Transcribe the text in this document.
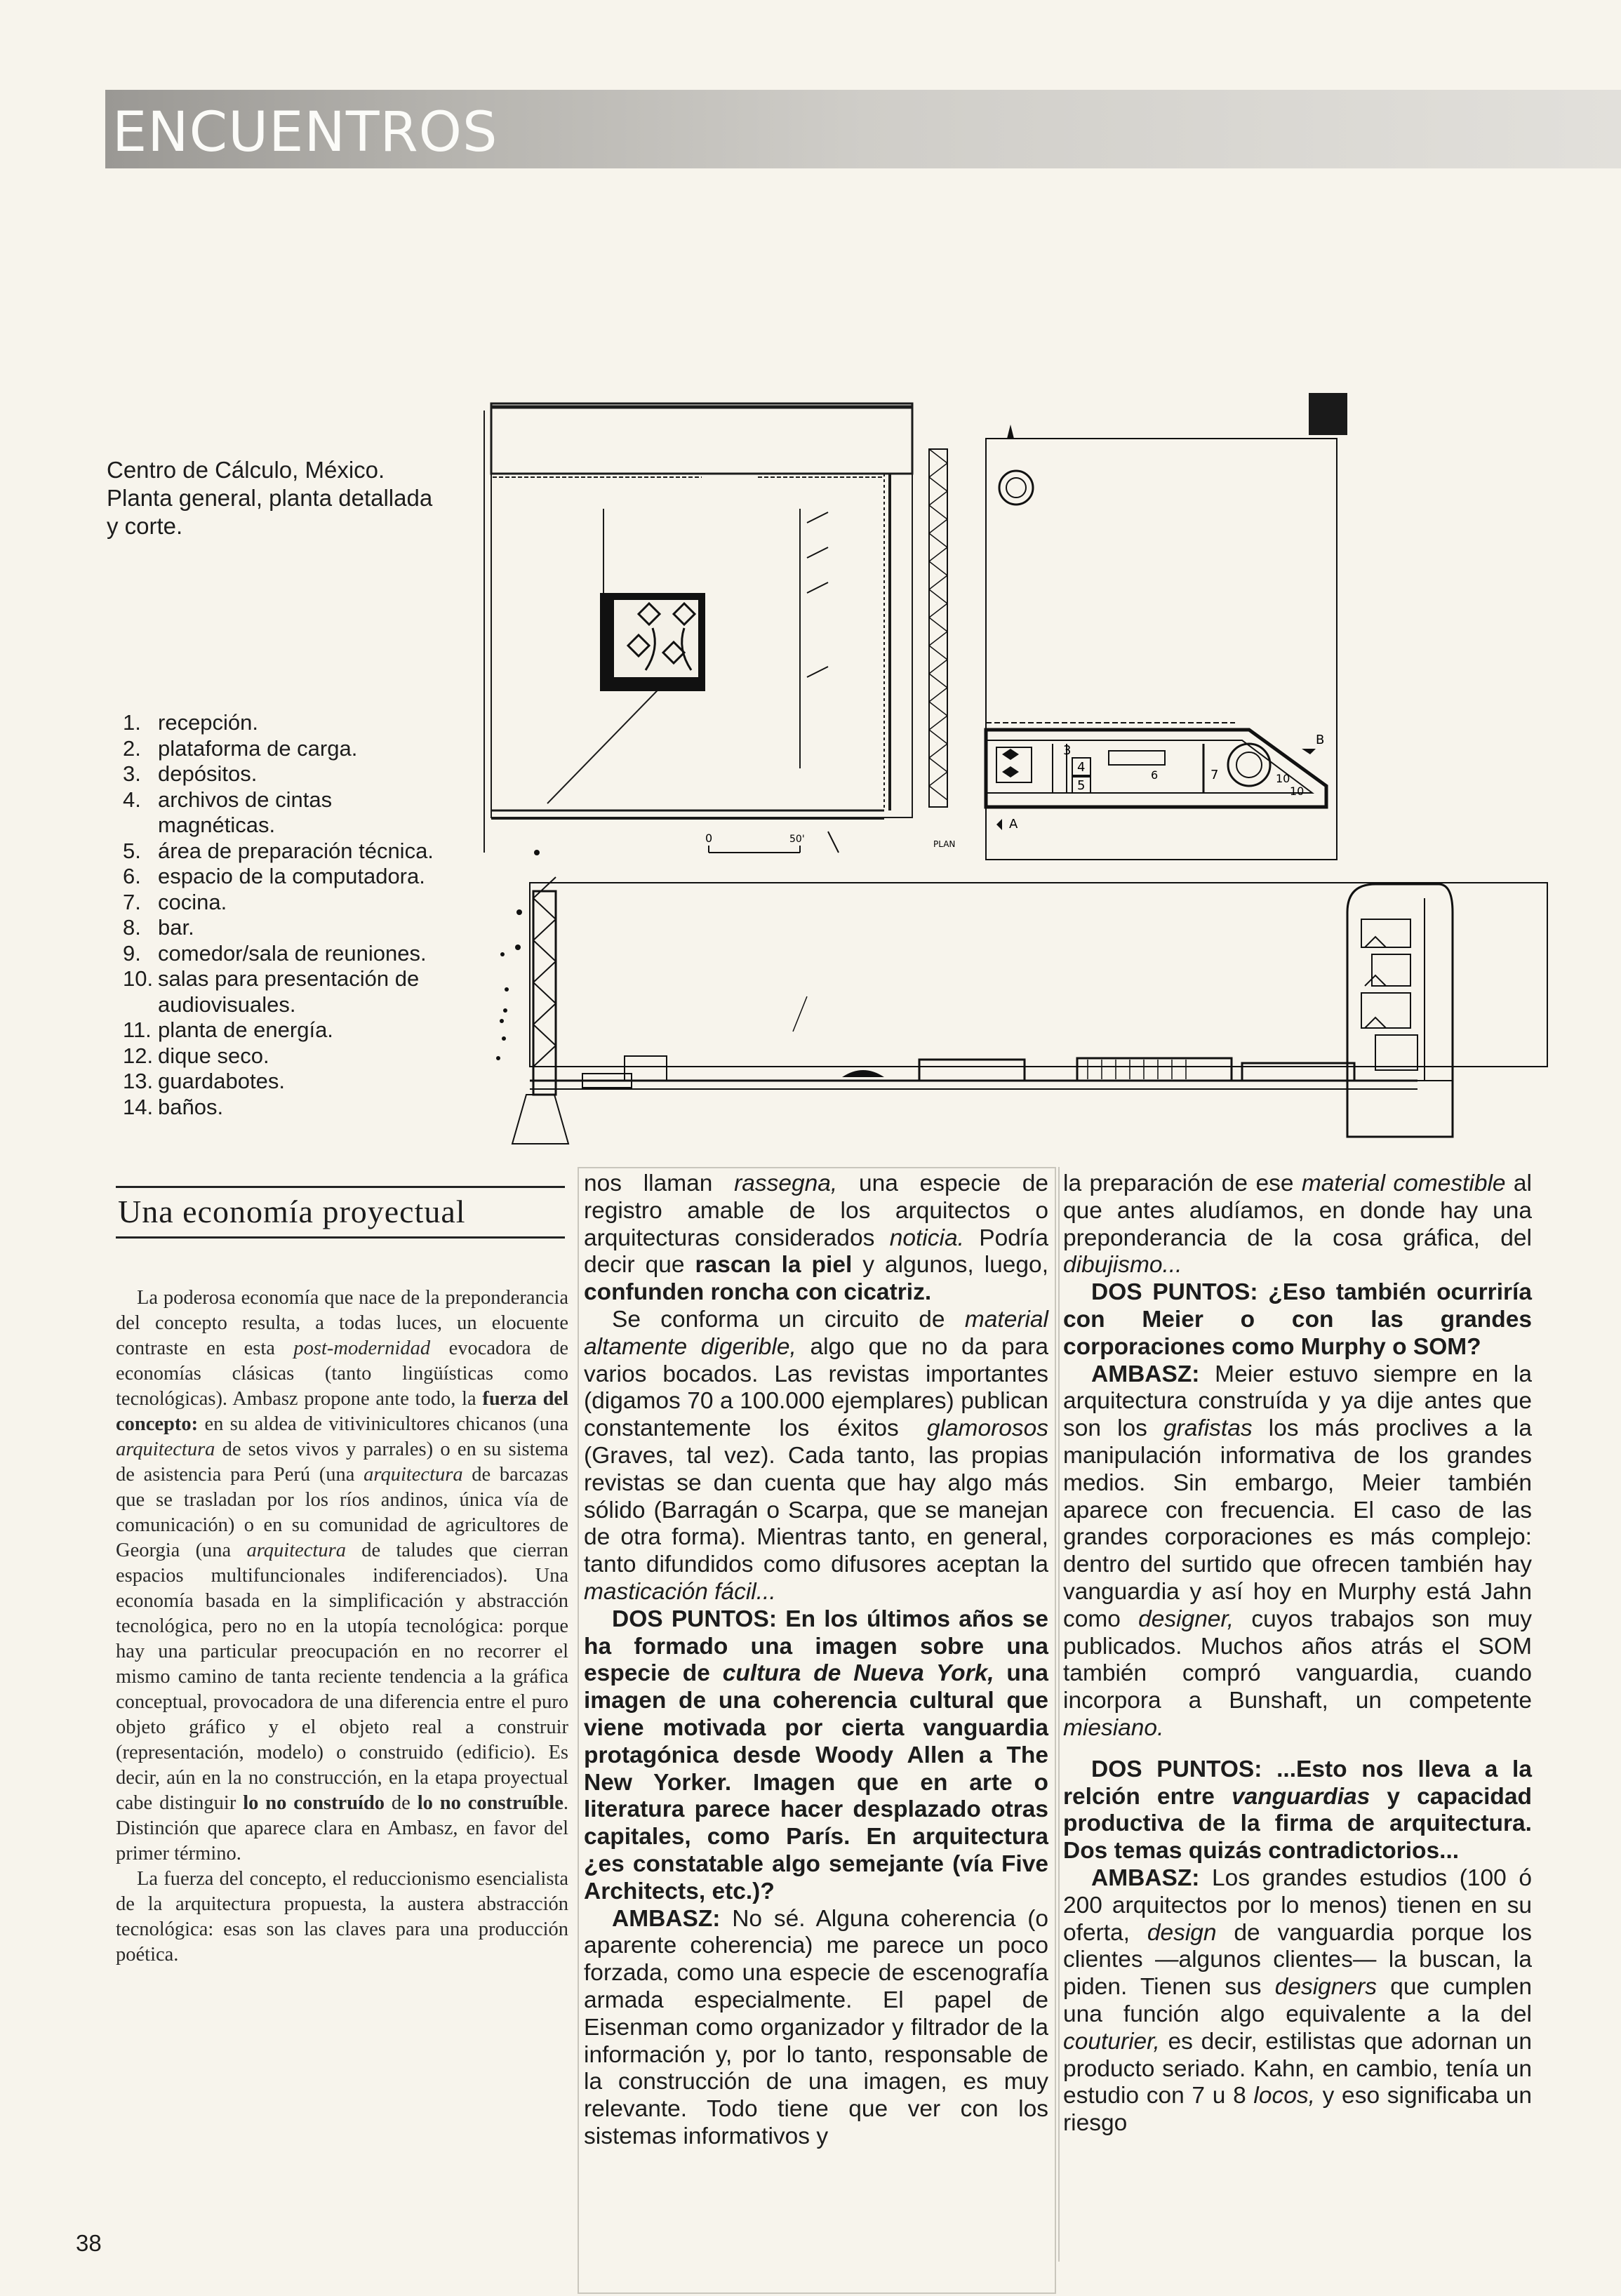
ENCUENTROS
Centro de Cálculo, México.
Planta general, planta detallada
y corte.
1. recepción.
2. plataforma de carga.
3. depósitos.
4. archivos de cintas magnéticas.
5. área de preparación técnica.
6. espacio de la computadora.
7. cocina.
8. bar.
9. comedor/sala de reuniones.
10. salas para presentación de audiovisuales.
11. planta de energía.
12. dique seco.
13. guardabotes.
14. baños.
0	50'
3
4
5
6	7	10
10
B
A
PLAN
Una economía proyectual

La poderosa economía que nace de la preponderancia del concepto resulta, a todas luces, un elocuente contraste en esta post-modernidad evocadora de economías clásicas (tanto lingüísticas como tecnológicas). Ambasz propone ante todo, la fuerza del concepto: en su aldea de vitivinicultores chicanos (una arquitectura de setos vivos y parrales) o en su sistema de asistencia para Perú (una arquitectura de barcazas que se trasladan por los ríos andinos, única vía de comunicación) o en su comunidad de agricultores de Georgia (una arquitectura de taludes que cierran espacios multifuncionales indiferenciados). Una economía basada en la simplificación y abstracción tecnológica, pero no en la utopía tecnológica: porque hay una particular preocupación en no recorrer el mismo camino de tanta reciente tendencia a la gráfica conceptual, provocadora de una diferencia entre el puro objeto gráfico y el objeto real a construir (representación, modelo) o construido (edificio). Es decir, aún en la no construcción, en la etapa proyectual cabe distinguir lo no construído de lo no construíble. Distinción que aparece clara en Ambasz, en favor del primer término.

La fuerza del concepto, el reduccionismo esencialista de la arquitectura propuesta, la austera abstracción tecnológica: esas son las claves para una producción poética.

nos llaman rassegna, una especie de registro amable de los arquitectos o arquitecturas considerados noticia. Podría decir que rascan la piel y algunos, luego, confunden roncha con cicatriz.

Se conforma un circuito de material altamente digerible, algo que no da para varios bocados. Las revistas importantes (digamos 70 a 100.000 ejemplares) publican constantemente los éxitos glamorosos (Graves, tal vez). Cada tanto, las propias revistas se dan cuenta que hay algo más sólido (Barragán o Scarpa, que se manejan de otra forma). Mientras tanto, en general, tanto difundidos como difusores aceptan la masticación fácil...

DOS PUNTOS: En los últimos años se ha formado una imagen sobre una especie de cultura de Nueva York, una imagen de una coherencia cultural que viene motivada por cierta vanguardia protagónica desde Woody Allen a The New Yorker. Imagen que en arte o literatura parece hacer desplazado otras capitales, como París. En arquitectura ¿es constatable algo semejante (vía Five Architects, etc.)?

AMBASZ: No sé. Alguna coherencia (o aparente coherencia) me parece un poco forzada, como una especie de escenografía armada especialmente. El papel de Eisenman como organizador y filtrador de la información y, por lo tanto, responsable de la construcción de una imagen, es muy relevante. Todo tiene que ver con los sistemas informativos y

la preparación de ese material comestible al que antes aludíamos, en donde hay una preponderancia de la cosa gráfica, del dibujismo...

DOS PUNTOS: ¿Eso también ocurriría con Meier o con las grandes corporaciones como Murphy o SOM?

AMBASZ: Meier estuvo siempre en la arquitectura construída y ya dije antes que son los grafistas los más proclives a la manipulación informativa de los grandes medios. Sin embargo, Meier también aparece con frecuencia. El caso de las grandes corporaciones es más complejo: dentro del surtido que ofrecen también hay vanguardia y así hoy en Murphy está Jahn como designer, cuyos trabajos son muy publicados. Muchos años atrás el SOM también compró vanguardia, cuando incorpora a Bunshaft, un competente miesiano.

DOS PUNTOS: ...Esto nos lleva a la relción entre vanguardias y capacidad productiva de la firma de arquitectura. Dos temas quizás contradictorios...

AMBASZ: Los grandes estudios (100 ó 200 arquitectos por lo menos) tienen en su oferta, design de vanguardia porque los clientes —algunos clientes— la buscan, la piden. Tienen sus designers que cumplen una función algo equivalente a la del couturier, es decir, estilistas que adornan un producto seriado. Kahn, en cambio, tenía un estudio con 7 u 8 locos, y eso significaba un riesgo

38
